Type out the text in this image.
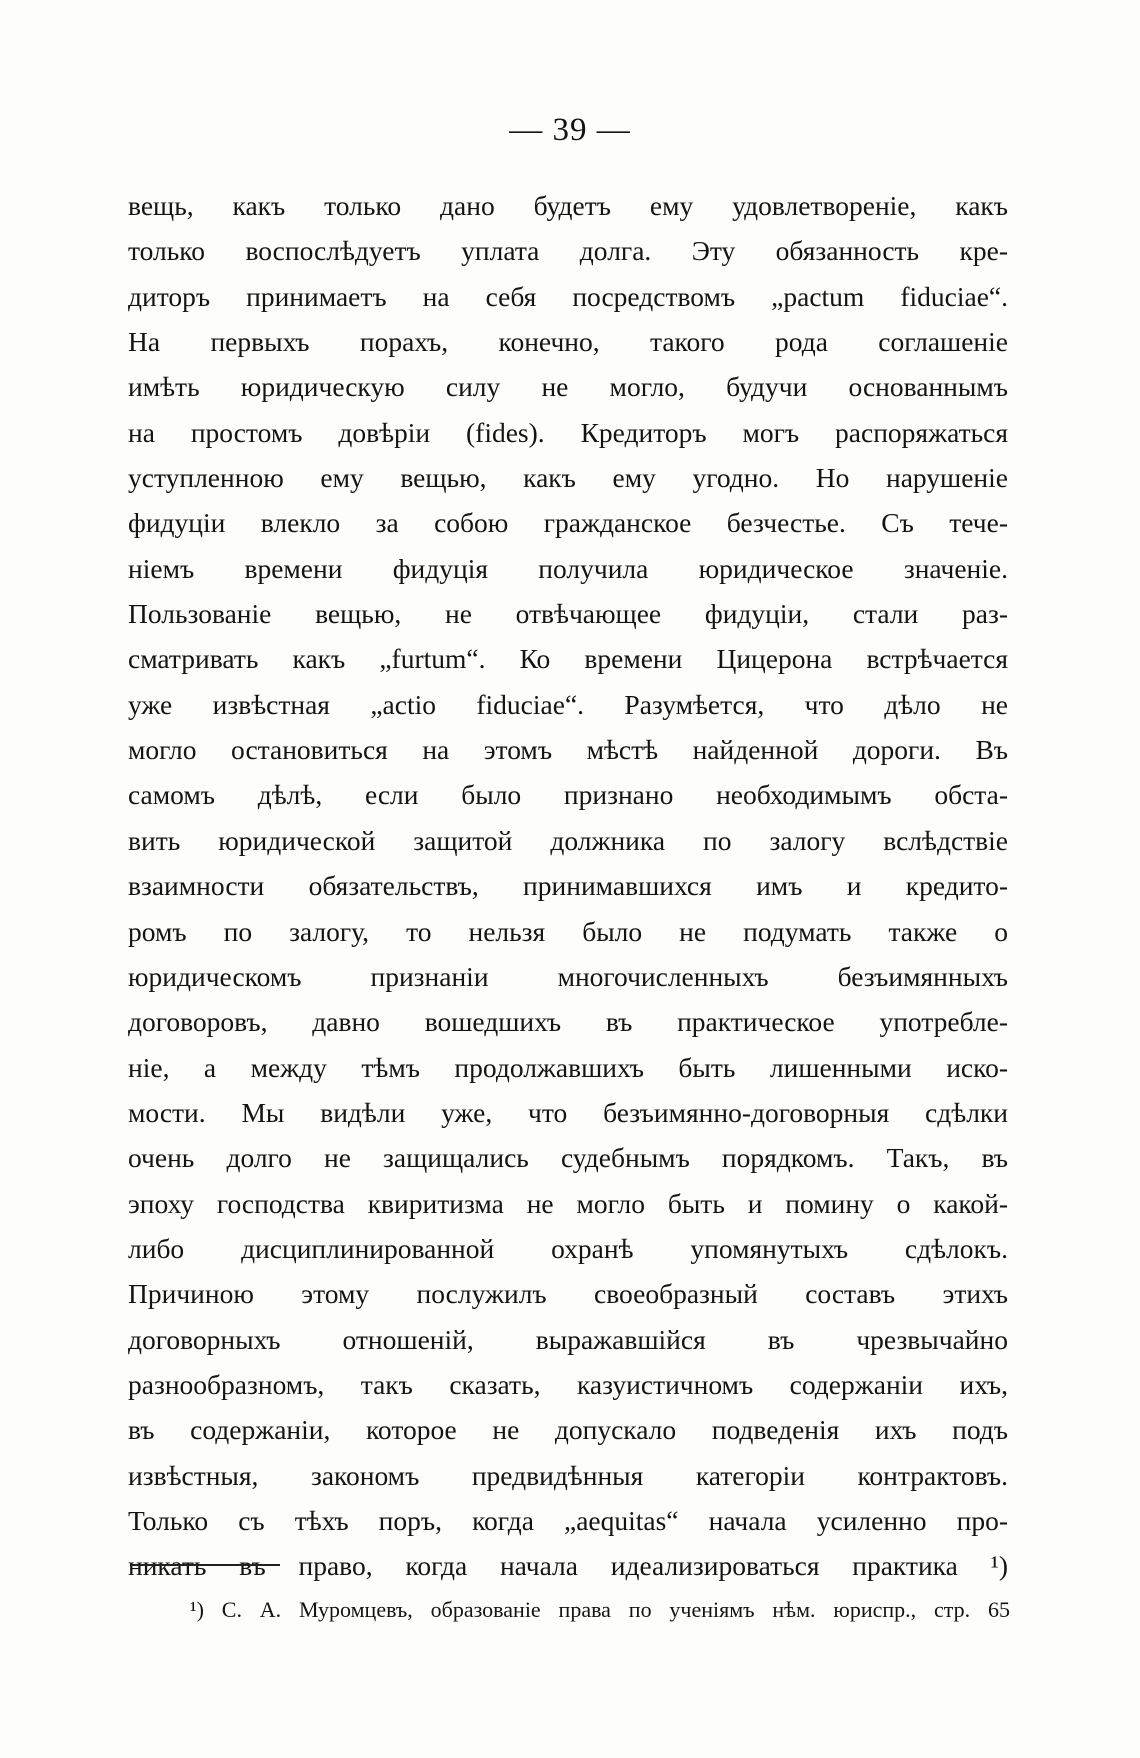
— 39 —
вещь, какъ только дано будетъ ему удовлетвореніе, какъ
только воспослѣдуетъ уплата долга. Эту обязанность кре-
диторъ принимаетъ на себя посредствомъ „pactum fiduciae“.
На первыхъ порахъ, конечно, такого рода соглашеніе
имѣть юридическую силу не могло, будучи основаннымъ
на простомъ довѣріи (fides). Кредиторъ могъ распоряжаться
уступленною ему вещью, какъ ему угодно. Но нарушеніе
фидуціи влекло за собою гражданское безчестье. Съ тече-
ніемъ времени фидуція получила юридическое значеніе.
Пользованіе вещью, не отвѣчающее фидуціи, стали раз-
сматривать какъ „furtum“. Ко времени Цицерона встрѣчается
уже извѣстная „actio fiduciae“. Разумѣется, что дѣло не
могло остановиться на этомъ мѣстѣ найденной дороги. Въ
самомъ дѣлѣ, если было признано необходимымъ обста-
вить юридической защитой должника по залогу вслѣдствіе
взаимности обязательствъ, принимавшихся имъ и кредито-
ромъ по залогу, то нельзя было не подумать также о
юридическомъ признаніи многочисленныхъ безъимянныхъ
договоровъ, давно вошедшихъ въ практическое употребле-
ніе, а между тѣмъ продолжавшихъ быть лишенными иско-
мости. Мы видѣли уже, что безъимянно-договорныя сдѣлки
очень долго не защищались судебнымъ порядкомъ. Такъ, въ
эпоху господства квиритизма не могло быть и помину о какой-
либо дисциплинированной охранѣ упомянутыхъ сдѣлокъ.
Причиною этому послужилъ своеобразный составъ этихъ
договорныхъ отношеній, выражавшійся въ чрезвычайно
разнообразномъ, такъ сказать, казуистичномъ содержаніи ихъ,
въ содержаніи, которое не допускало подведенія ихъ подъ
извѣстныя, закономъ предвидѣнныя категоріи контрактовъ.
Только съ тѣхъ поръ, когда „aequitas“ начала усиленно про-
никать въ право, когда начала идеализироваться практика ¹)
¹) С. А. Муромцевъ, образованіе права по ученіямъ нѣм. юриспр., стр. 65
